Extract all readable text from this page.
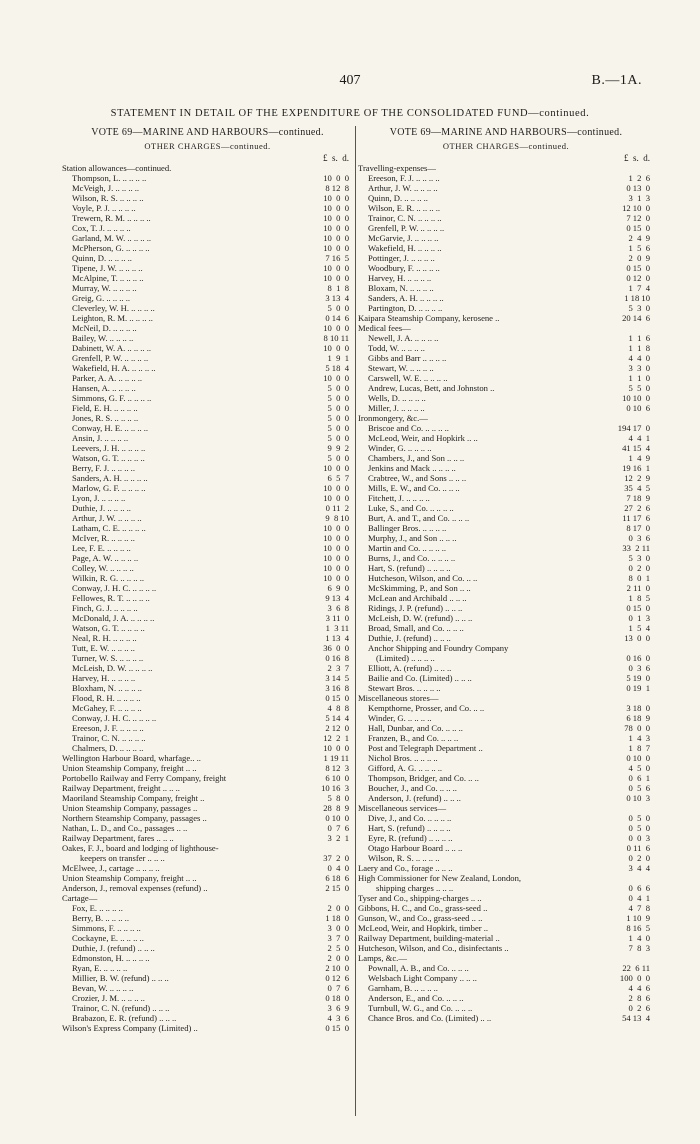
407	B.—1A.
STATEMENT IN DETAIL OF THE EXPENDITURE OF THE CONSOLIDATED FUND—continued.
VOTE 69—MARINE AND HARBOURS—continued.
OTHER CHARGES—continued.
£  s.  d.
Station allowances—continued.
Thompson, L. .. .. .. ..	10  0  0
McVeigh, J. .. .. .. ..	8 12  8
Wilson, R. S. .. .. .. ..	10  0  0
Voyle, P. J. .. .. .. ..	10  0  0
Trewern, R. M. .. .. .. ..	10  0  0
Cox, T. J. .. .. .. ..	10  0  0
Garland, M. W. .. .. .. ..	10  0  0
McPherson, G. .. .. .. ..	10  0  0
Quinn, D. .. .. .. ..	7 16  5
Tipene, J. W. .. .. .. ..	10  0  0
McAlpine, T. .. .. .. ..	10  0  0
Murray, W. .. .. .. ..	8  1  8
Greig, G. .. .. .. ..	3 13  4
Cleverley, W. H. .. .. .. ..	5  0  0
Leighton, R. M. .. .. .. ..	0 14  6
McNeil, D. .. .. .. ..	10  0  0
Bailey, W. .. .. .. ..	8 10 11
Dabinett, W. A. .. .. .. ..	10  0  0
Grenfell, P. W. .. .. .. ..	1  9  1
Wakefield, H. A. .. .. .. ..	5 18  4
Parker, A. A. .. .. .. ..	10  0  0
Hansen, A. .. .. .. ..	5  0  0
Simmons, G. F. .. .. .. ..	5  0  0
Field, E. H. .. .. .. ..	5  0  0
Jones, R. S. .. .. .. ..	5  0  0
Conway, H. E. .. .. .. ..	5  0  0
Ansin, J. .. .. .. ..	5  0  0
Leevers, J. H. .. .. .. ..	9  9  2
Watson, G. T. .. .. .. ..	5  0  0
Berry, F. J. .. .. .. ..	10  0  0
Sanders, A. H. .. .. .. ..	6  5  7
Marlow, G. F. .. .. .. ..	10  0  0
Lyon, J. .. .. .. ..	10  0  0
Duthie, J. .. .. .. ..	0 11  2
Arthur, J. W. .. .. .. ..	9  8 10
Latham, C. E. .. .. .. ..	10  0  0
McIver, R. .. .. .. ..	10  0  0
Lee, F. E. .. .. .. ..	10  0  0
Page, A. W. .. .. .. ..	10  0  0
Colley, W. .. .. .. ..	10  0  0
Wilkin, R. G. .. .. .. ..	10  0  0
Conway, J. H. C. .. .. .. ..	6  9  0
Fellowes, R. T. .. .. .. ..	9 13  4
Finch, G. J. .. .. .. ..	3  6  8
McDonald, J. A. .. .. .. ..	3 11  0
Watson, G. T. .. .. .. ..	1  3 11
Neal, R. H. .. .. .. ..	1 13  4
Tutt, E. W. .. .. .. ..	36  0  0
Turner, W. S. .. .. .. ..	0 16  8
McLeish, D. W. .. .. .. ..	2  3  7
Harvey, H. .. .. .. ..	3 14  5
Bloxham, N. .. .. .. ..	3 16  8
Flood, R. H. .. .. .. ..	0 15  0
McGahey, F. .. .. .. ..	4  8  8
Conway, J. H. C. .. .. .. ..	5 14  4
Ereeson, J. F. .. .. .. ..	2 12  0
Trainor, C. N. .. .. .. ..	12  2  1
Chalmers, D. .. .. .. ..	10  0  0
Wellington Harbour Board, wharfage.. ..	1 19 11
Union Steamship Company, freight .. ..	8 12  3
Portobello Railway and Ferry Company, freight	6 10  0
Railway Department, freight .. .. ..	10 16  3
Maoriland Steamship Company, freight ..	5  8  0
Union Steamship Company, passages ..	28  8  9
Northern Steamship Company, passages ..	0 10  0
Nathan, L. D., and Co., passages .. ..	0  7  6
Railway Department, fares .. .. ..	3  2  1
Oakes, F. J., board and lodging of lighthouse-
keepers on transfer .. .. ..	37  2  0
McElwee, J., cartage .. .. .. ..	0  4  0
Union Steamship Company, freight .. ..	6 18  6
Anderson, J., removal expenses (refund) ..	2 15  0
Cartage—
Fox, E. .. .. .. ..	2  0  0
Berry, B. .. .. .. ..	1 18  0
Simmons, F. .. .. .. ..	3  0  0
Cockayne, E. .. .. .. ..	3  7  0
Duthie, J. (refund) .. .. ..	2  5  0
Edmonston, H. .. .. .. ..	2  0  0
Ryan, E. .. .. .. ..	2 10  0
Millier, B. W. (refund) .. .. ..	0 12  6
Bevan, W. .. .. .. ..	0  7  6
Crozier, J. M. .. .. .. ..	0 18  0
Trainor, C. N. (refund) .. .. ..	3  6  9
Brabazon, E. R. (refund) .. .. ..	4  3  6
Wilson's Express Company (Limited) ..	0 15  0
VOTE 69—MARINE AND HARBOURS—continued.
OTHER CHARGES—continued.
£  s.  d.
Travelling-expenses—
Ereeson, F. J. .. .. .. ..	1  2  6
Arthur, J. W. .. .. .. ..	0 13  0
Quinn, D. .. .. .. ..	3  1  3
Wilson, E. R. .. .. .. ..	12 10  0
Trainor, C. N. .. .. .. ..	7 12  0
Grenfell, P. W. .. .. .. ..	0 15  0
McGarvie, J. .. .. .. ..	2  4  9
Wakefield, H. .. .. .. ..	1  5  6
Pottinger, J. .. .. .. ..	2  0  9
Woodbury, F. .. .. .. ..	0 15  0
Harvey, H. .. .. .. ..	0 12  0
Bloxam, N. .. .. .. ..	1  7  4
Sanders, A. H. .. .. .. ..	1 18 10
Partington, D. .. .. .. ..	5  3  0
Kaipara Steamship Company, kerosene ..	20 14  6
Medical fees—
Newell, J. A. .. .. .. ..	1  1  6
Todd, W. .. .. .. ..	1  1  8
Gibbs and Barr .. .. .. ..	4  4  0
Stewart, W. .. .. .. ..	3  3  0
Carswell, W. E. .. .. .. ..	1  1  0
Andrew, Lucas, Bett, and Johnston ..	5  5  0
Wells, D. .. .. .. ..	10 10  0
Miller, J. .. .. .. ..	0 10  6
Ironmongery, &c.—
Briscoe and Co. .. .. .. ..	194 17  0
McLeod, Weir, and Hopkirk .. ..	4  4  1
Winder, G. .. .. .. ..	41 15  4
Chambers, J., and Son .. .. ..	1  4  9
Jenkins and Mack .. .. .. ..	19 16  1
Crabtree, W., and Sons .. .. ..	12  2  9
Mills, E. W., and Co. .. .. ..	35  4  5
Fitchett, J. .. .. .. ..	7 18  9
Luke, S., and Co. .. .. .. ..	27  2  6
Burt, A. and T., and Co. .. .. ..	11 17  6
Ballinger Bros. .. .. .. ..	8 17  0
Murphy, J., and Son .. .. ..	0  3  6
Martin and Co. .. .. .. ..	33  2 11
Burns, J., and Co. .. .. .. ..	5  3  0
Hart, S. (refund) .. .. .. ..	0  2  0
Hutcheson, Wilson, and Co. .. ..	8  0  1
McSkimming, P., and Son .. ..	2 11  0
McLean and Archibald .. .. ..	1  8  5
Ridings, J. P. (refund) .. .. ..	0 15  0
McLeish, D. W. (refund) .. .. ..	0  1  3
Broad, Small, and Co. .. .. ..	1  5  4
Duthie, J. (refund) .. .. ..	13  0  0
Anchor Shipping and Foundry Company
(Limited) .. .. .. ..	0 16  0
Elliott, A. (refund) .. .. ..	0  3  6
Bailie and Co. (Limited) .. .. ..	5 19  0
Stewart Bros. .. .. .. ..	0 19  1
Miscellaneous stores—
Kempthorne, Prosser, and Co. .. ..	3 18  0
Winder, G. .. .. .. ..	6 18  9
Hall, Dunbar, and Co. .. .. ..	78  0  0
Franzen, B., and Co. .. .. ..	1  4  3
Post and Telegraph Department ..	1  8  7
Nichol Bros. .. .. .. ..	0 10  0
Gifford, A. G. .. .. .. ..	4  5  0
Thompson, Bridger, and Co. .. ..	0  6  1
Boucher, J., and Co. .. .. ..	0  5  6
Anderson, J. (refund) .. .. ..	0 10  3
Miscellaneous services—
Dive, J., and Co. .. .. .. ..	0  5  0
Hart, S. (refund) .. .. .. ..	0  5  0
Eyre, R. (refund) .. .. .. ..	0  0  3
Otago Harbour Board .. .. ..	0 11  6
Wilson, R. S. .. .. .. ..	0  2  0
Laery and Co., forage .. .. ..	3  4  4
High Commissioner for New Zealand, London,
shipping charges .. .. ..	0  6  6
Tyser and Co., shipping-charges .. ..	0  4  1
Gibbons, H. C., and Co., grass-seed ..	4  7  8
Gunson, W., and Co., grass-seed .. ..	1 10  9
McLeod, Weir, and Hopkirk, timber ..	8 16  5
Railway Department, building-material ..	1  4  0
Hutcheson, Wilson, and Co., disinfectants ..	7  8  3
Lamps, &c.—
Pownall, A. B., and Co. .. .. ..	22  6 11
Welsbach Light Company .. .. ..	100  0  0
Garnham, B. .. .. .. ..	4  4  6
Anderson, E., and Co. .. .. ..	2  8  6
Turnbull, W. G., and Co. .. .. ..	0  2  6
Chance Bros. and Co. (Limited) .. ..	54 13  4
